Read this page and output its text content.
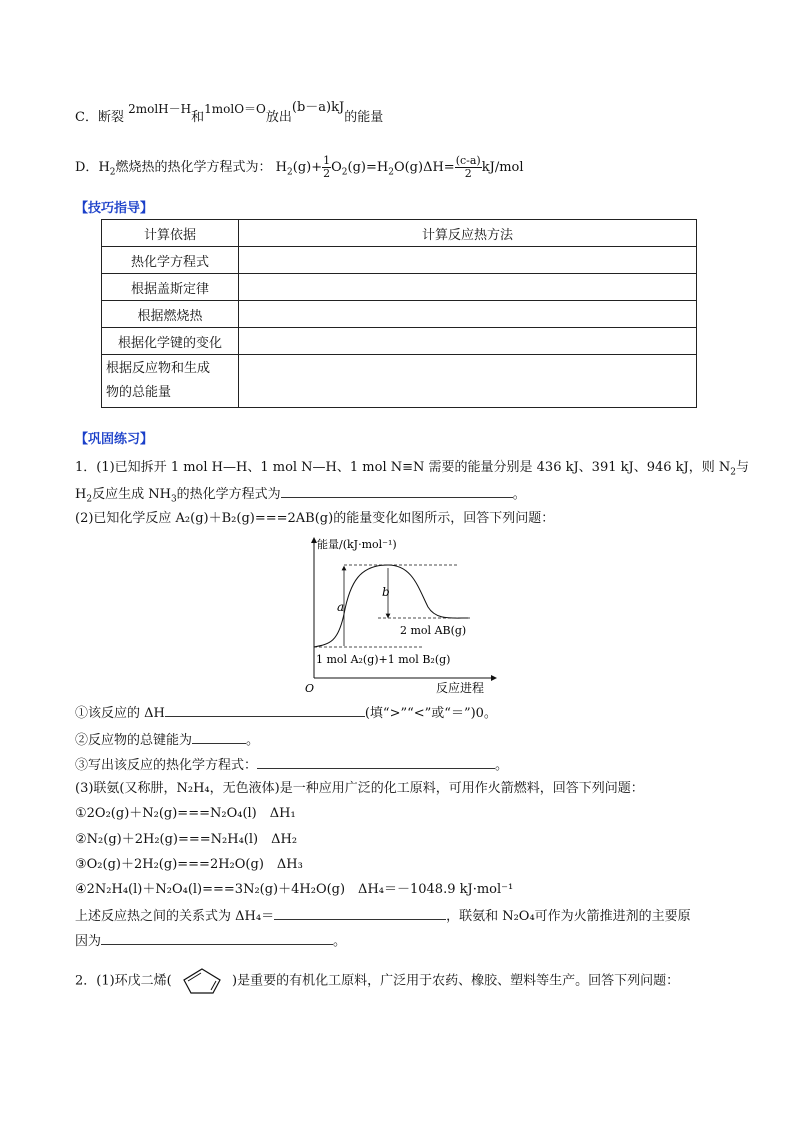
C．断裂 2molH－H和1molO＝O放出(b－a)kJ的能量
D．$H_2$燃烧热的热化学方程式为： $H_2(g)+ \frac{1}{2} O_2(g)=H_2O(g)\Delta H= \frac{(c-a)}{2} kJ/mol$
【技巧指导】
计算依据	计算反应热方法
热化学方程式	
根据盖斯定律	
根据燃烧热	
根据化学键的变化	
根据反应物和生成
物的总能量	
【巩固练习】
1．(1)已知拆开 1 mol H—H、1 mol N—H、1 mol N≡N 需要的能量分别是 436 kJ、391 kJ、946 kJ，则 $N_2$与
$H_2$反应生成 $NH_3$的热化学方程式为	。
(2)已知化学反应 A₂(g)＋B₂(g)===2AB(g)的能量变化如图所示，回答下列问题：
能量/(kJ·mol⁻¹)
反应进程
O
a
b
2 mol AB(g)
1 mol A₂(g)+1 mol B₂(g)
①该反应的 ΔH	(填“>”“<”或“＝”)0。
②反应物的总键能为	。
③写出该反应的热化学方程式：	。
(3)联氨(又称肼，N₂H₄，无色液体)是一种应用广泛的化工原料，可用作火箭燃料，回答下列问题：
①2O₂(g)＋N₂(g)===N₂O₄(l)　ΔH₁
②N₂(g)＋2H₂(g)===N₂H₄(l)　ΔH₂
③O₂(g)＋2H₂(g)===2H₂O(g)　ΔH₃
④2N₂H₄(l)＋N₂O₄(l)===3N₂(g)＋4H₂O(g)　ΔH₄＝－1048.9 kJ·mol⁻¹
上述反应热之间的关系式为 ΔH₄＝	，联氨和 N₂O₄可作为火箭推进剂的主要原
因为	。
2．(1)环戊二烯(	)是重要的有机化工原料，广泛用于农药、橡胶、塑料等生产。回答下列问题：
